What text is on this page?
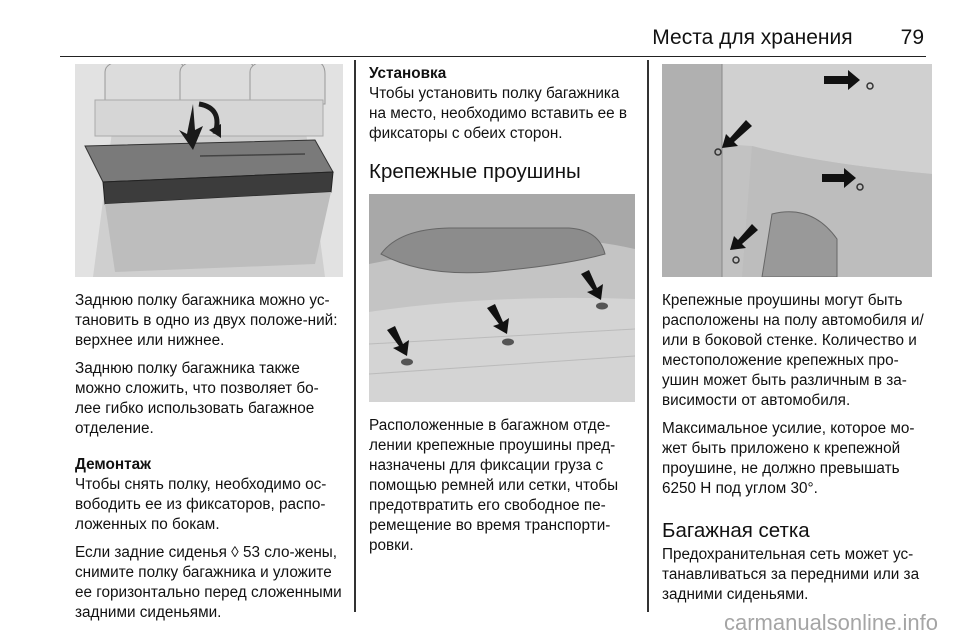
Места для хранения 79

Заднюю полку багажника можно ус-тановить в одно из двух положе-ний: верхнее или нижнее.

Заднюю полку багажника также можно сложить, что позволяет бо-лее гибко использовать багажное отделение.

Демонтаж

Чтобы снять полку, необходимо ос-вободить ее из фиксаторов, распо-ложенных по бокам.

Если задние сиденья ◊ 53 сло-жены, снимите полку багажника и уложите ее горизонтально перед сложенными задними сиденьями.

Установка

Чтобы установить полку багажника на место, необходимо вставить ее в фиксаторы с обеих сторон.

Крепежные проушины

Расположенные в багажном отде-лении крепежные проушины пред-назначены для фиксации груза с помощью ремней или сетки, чтобы предотвратить его свободное пе-ремещение во время транспорти-ровки.

Крепежные проушины могут быть расположены на полу автомобиля и/или в боковой стенке. Количество и местоположение крепежных про-ушин может быть различным в за-висимости от автомобиля.

Максимальное усилие, которое мо-жет быть приложено к крепежной проушине, не должно превышать 6250 Н под углом 30°.

Багажная сетка

Предохранительная сеть может ус-танавливаться за передними или за задними сиденьями.

carmanualsonline.info
